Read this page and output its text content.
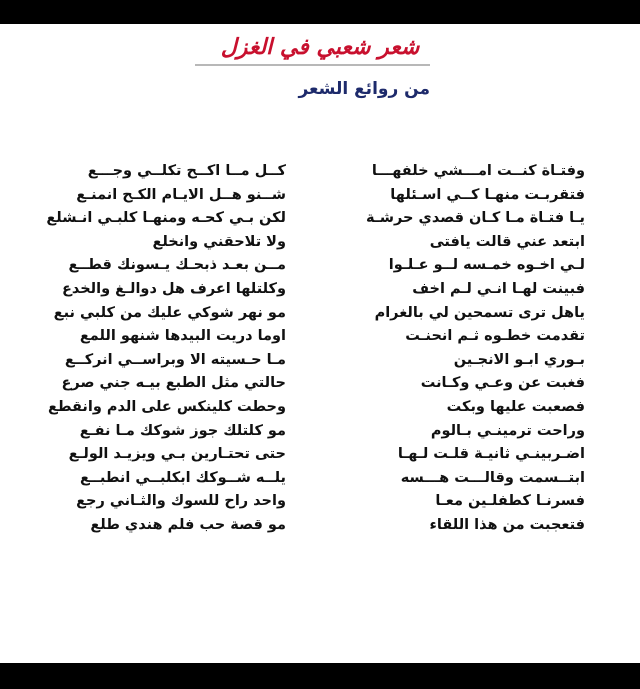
شعر شعبي في الغزل
من روائع الشعر
وفتـاة كنــت امـــشي خلفهـــا
فتقربـت منهـا كــي اسـئلها
يـا فتـاة مـا كـان قصدي حرشـة
ابتعد عني قالت يافتى
لـي اخـوه خمـسه لــو عـلـوا
فبينت لهـا انـي لـم اخف
ياهل ترى تسمحين لي بالغرام
تقدمت خطـوه ثـم انحنـت
بـوري ابـو الانجـين
فغبت عن وعـي وكـانت
فصعبت عليها وبكت
وراحت ترمينـي بـالوم
اضـربينـي ثانيـة قلـت لـهـا
ابتــسمت وقالـــت هـــسه
فسرنـا كطفلـين معـا
فتعجبت من هذا اللقاء
كــل مــا اكــح تكلــي وجـــع
شــنو هــل الايـام الكـح انمنـع
لكن بـي كحـه ومنهـا كلبـي انـشلع
ولا تلاحقني وانخلع
مــن بعـد ذبحـك يـسونك قطــع
وكلتلها اعرف هل دوالـغ والخدع
مو نهر شوكي عليك من كلبي نبع
اوما دريت البيدها شنهو اللمع
مـا حـسيته الا وبراســي انركــع
حالتي مثل الطبع بيـه جني صرع
وحطت كلينكس على الدم وانقطع
مو كلتلك جوز شوكك مـا نفـع
حتى تحتـارين بـي ويزيـد الولـع
يلــه شــوكك ابكلبــي انطبــع
واحد راح للسوك والثـاني رجع
مو قصة حب فلم هندي طلع
